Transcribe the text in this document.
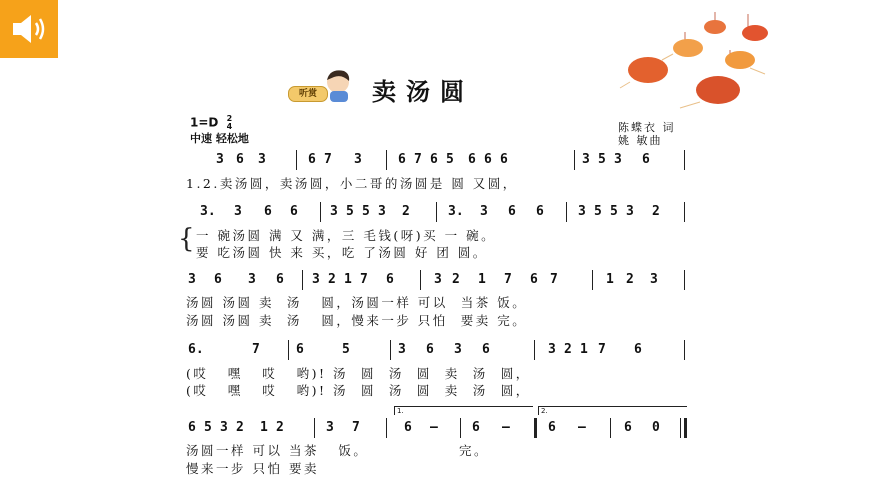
听赏	卖汤圆
1=D 2
4
中速 轻松地
陈蝶衣 词
姚 敏曲
3 6 3	6 7 3	6 7 6 5 6 6 6	3 5 3 6
1.2.卖汤圆，卖汤圆，小二哥的汤圆是 圆 又圆，
3. 3 6 6 3 5 5 3 2	3. 3 6 6	3 5 5 3 2
{ 一 碗汤圆 满 又 满，三 毛钱(呀)买 一 碗。
要 吃汤圆 快 来 买，吃 了汤圆 好 团 圆。
3 6 3 6 3 2 1 7 6	3 2 1 7 6 7	1 2 3
汤圆 汤圆 卖  汤   圆，汤圆一样 可以  当茶 饭。
汤圆 汤圆 卖  汤   圆，慢来一步 只怕  要卖 完。
6.	7	6	5	3 6 3 6	3 2 1 7 6
(哎   嘿   哎   哟)! 汤  圆  汤  圆  卖  汤  圆，
(哎   嘿   哎   哟)! 汤  圆  汤  圆  卖  汤  圆，
1.	2.
6 5 3 2 1 2	3 7	6 –	6 –	6 –	6 0
汤圆一样 可以 当茶   饭。              完。
慢来一步 只怕 要卖
